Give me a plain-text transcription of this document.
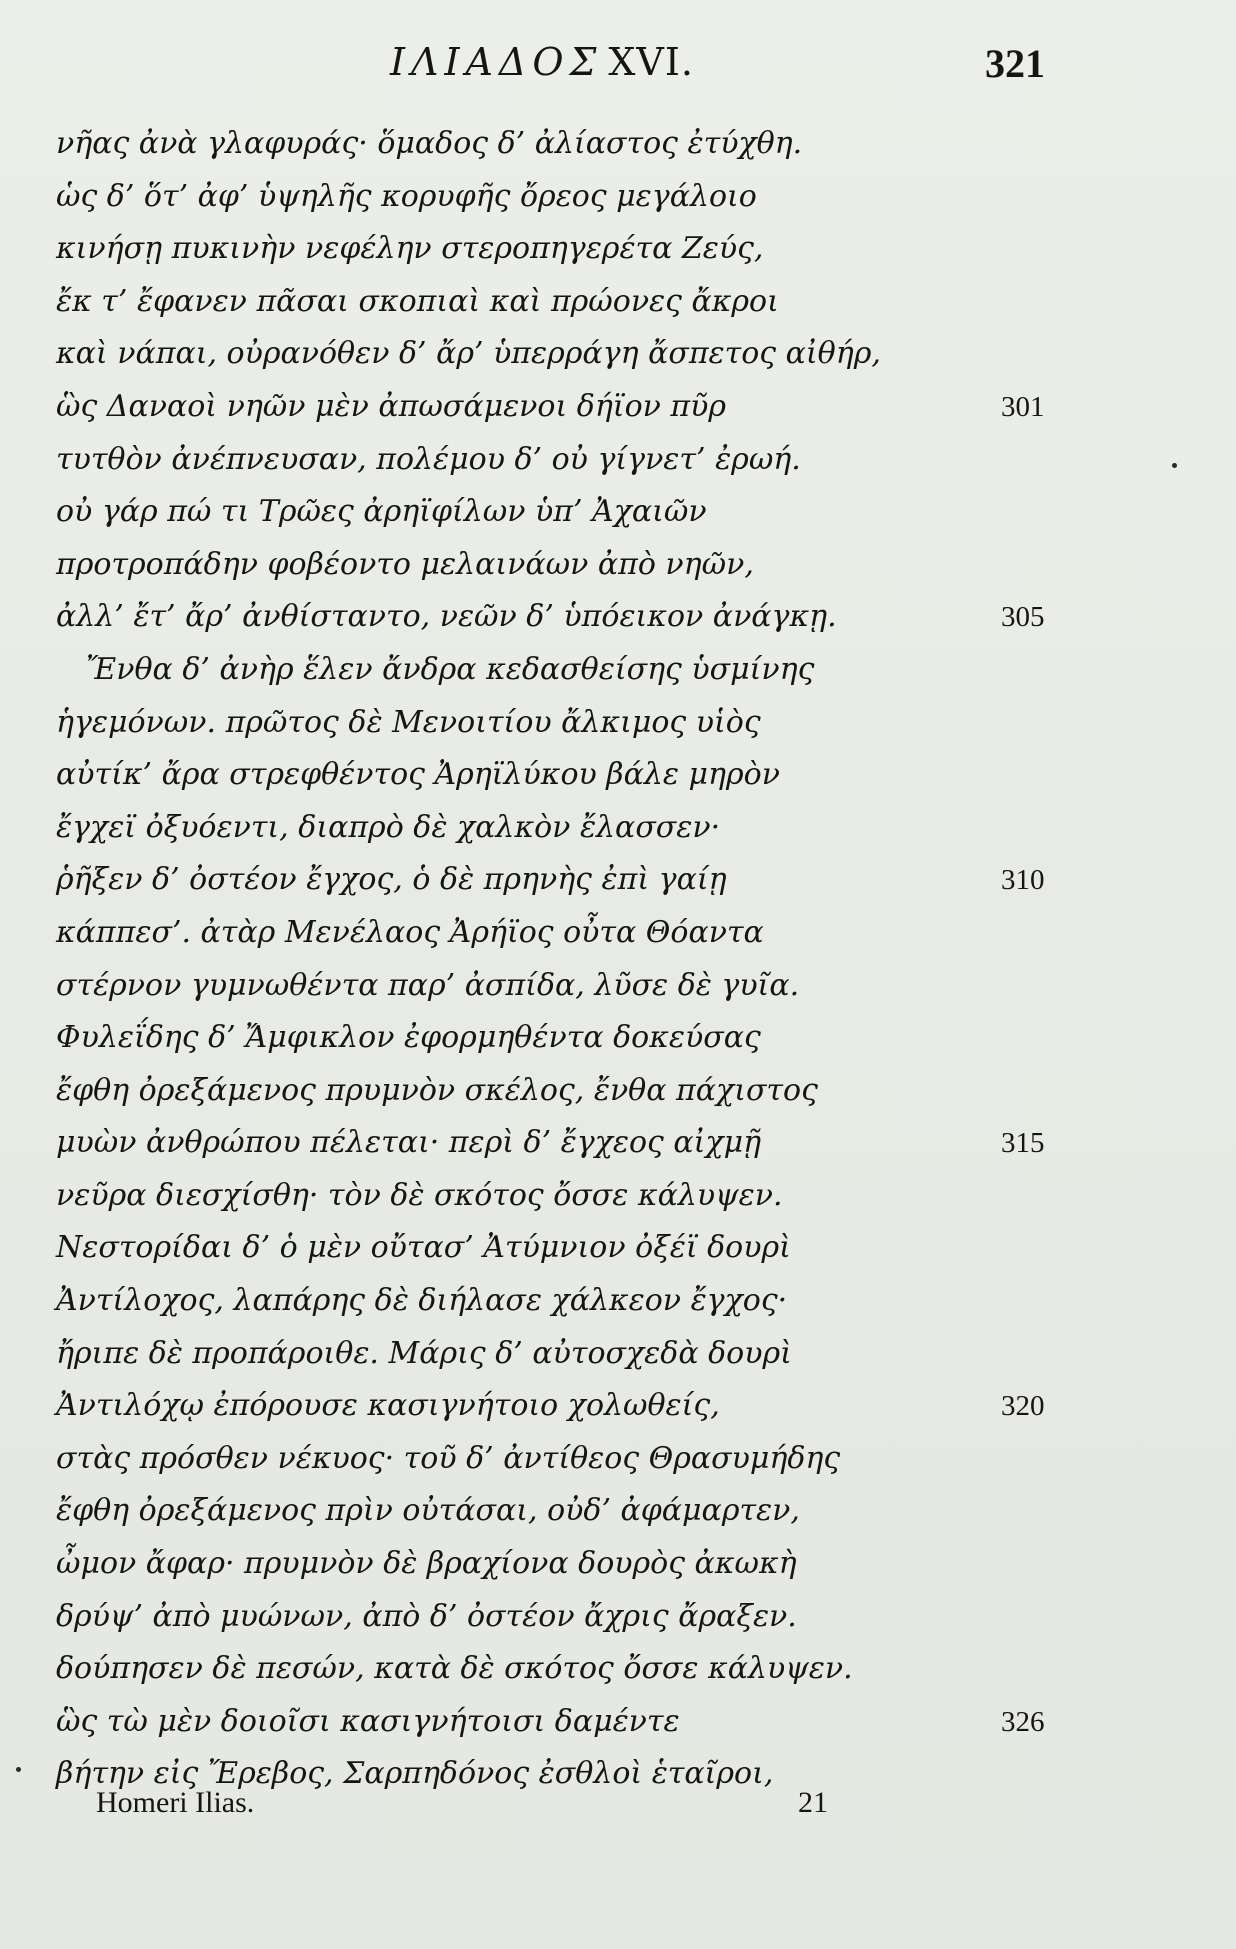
ΙΛΙΑΔΟΣ XVI.	321
νῆας ἀνὰ γλαφυράς· ὅμαδος δ’ ἀλίαστος ἐτύχθη.
ὡς δ’ ὅτ’ ἀφ’ ὑψηλῆς κορυφῆς ὄρεος μεγάλοιο
κινήσῃ πυκινὴν νεφέλην στεροπηγερέτα Ζεύς,
ἔκ τ’ ἔφανεν πᾶσαι σκοπιαὶ καὶ πρώονες ἄκροι
καὶ νάπαι, οὐρανόθεν δ’ ἄρ’ ὑπερράγη ἄσπετος αἰθήρ,
ὣς Δαναοὶ νηῶν μὲν ἀπωσάμενοι δήϊον πῦρ	301
τυτθὸν ἀνέπνευσαν, πολέμου δ’ οὐ γίγνετ’ ἐρωή.
οὐ γάρ πώ τι Τρῶες ἀρηϊφίλων ὑπ’ Ἀχαιῶν
προτροπάδην φοβέοντο μελαινάων ἀπὸ νηῶν,
ἀλλ’ ἔτ’ ἄρ’ ἀνθίσταντο, νεῶν δ’ ὑπόεικον ἀνάγκῃ.	305
Ἔνθα δ’ ἀνὴρ ἕλεν ἄνδρα κεδασθείσης ὑσμίνης
ἡγεμόνων. πρῶτος δὲ Μενοιτίου ἄλκιμος υἱὸς
αὐτίκ’ ἄρα στρεφθέντος Ἀρηϊλύκου βάλε μηρὸν
ἔγχεϊ ὀξυόεντι, διαπρὸ δὲ χαλκὸν ἔλασσεν·
ῥῆξεν δ’ ὀστέον ἔγχος, ὁ δὲ πρηνὴς ἐπὶ γαίῃ	310
κάππεσ’. ἀτὰρ Μενέλαος Ἀρήϊος οὖτα Θόαντα
στέρνον γυμνωθέντα παρ’ ἀσπίδα, λῦσε δὲ γυῖα.
Φυλεΐδης δ’ Ἄμφικλον ἐφορμηθέντα δοκεύσας
ἔφθη ὀρεξάμενος πρυμνὸν σκέλος, ἔνθα πάχιστος
μυὼν ἀνθρώπου πέλεται· περὶ δ’ ἔγχεος αἰχμῇ	315
νεῦρα διεσχίσθη· τὸν δὲ σκότος ὄσσε κάλυψεν.
Νεστορίδαι δ’ ὁ μὲν οὔτασ’ Ἀτύμνιον ὀξέϊ δουρὶ
Ἀντίλοχος, λαπάρης δὲ διήλασε χάλκεον ἔγχος·
ἤριπε δὲ προπάροιθε. Μάρις δ’ αὐτοσχεδὰ δουρὶ
Ἀντιλόχῳ ἐπόρουσε κασιγνήτοιο χολωθείς,	320
στὰς πρόσθεν νέκυος· τοῦ δ’ ἀντίθεος Θρασυμήδης
ἔφθη ὀρεξάμενος πρὶν οὐτάσαι, οὐδ’ ἀφάμαρτεν,
ὦμον ἄφαρ· πρυμνὸν δὲ βραχίονα δουρὸς ἀκωκὴ
δρύψ’ ἀπὸ μυώνων, ἀπὸ δ’ ὀστέον ἄχρις ἄραξεν.
δούπησεν δὲ πεσών, κατὰ δὲ σκότος ὄσσε κάλυψεν.
ὣς τὼ μὲν δοιοῖσι κασιγνήτοισι δαμέντε	326
βήτην εἰς Ἔρεβος, Σαρπηδόνος ἐσθλοὶ ἑταῖροι,
Homeri Ilias.	21
